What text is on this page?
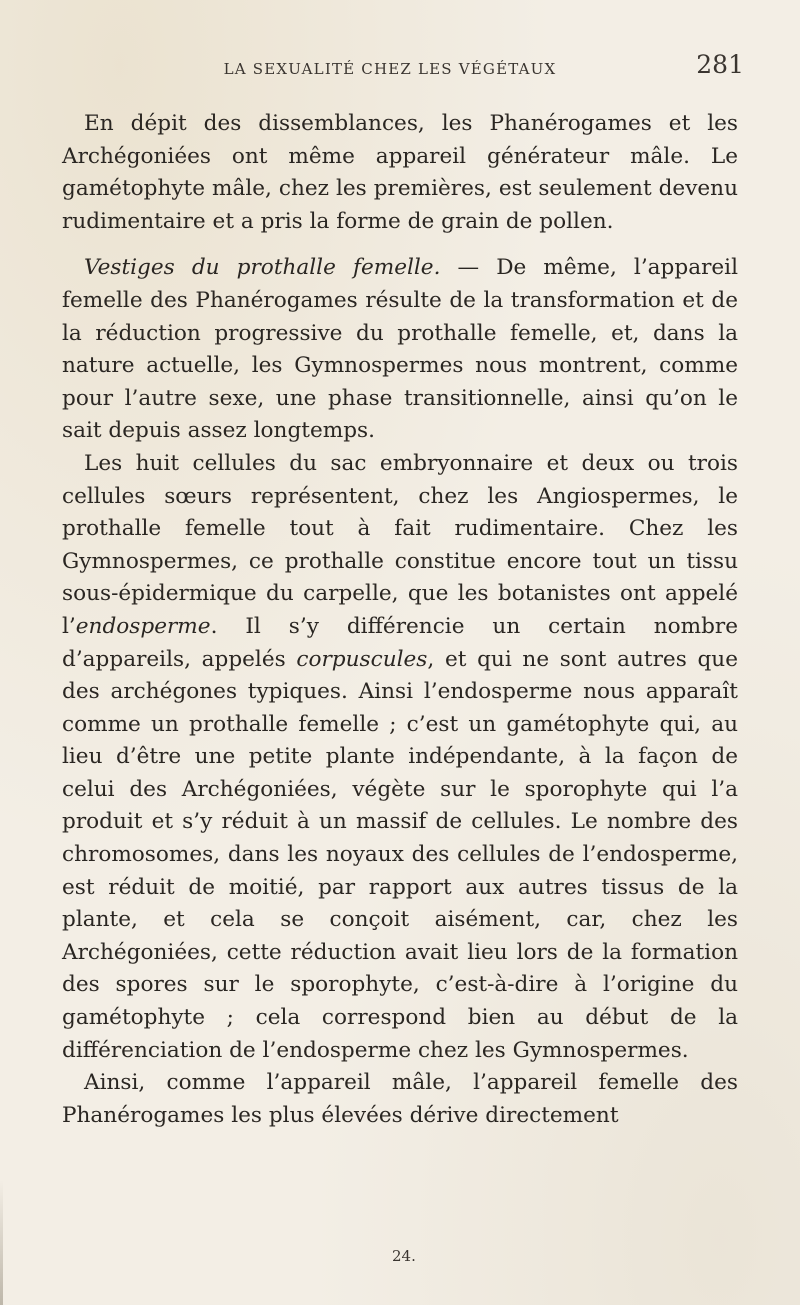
LA SEXUALITÉ CHEZ LES VÉGÉTAUX	281

En dépit des dissemblances, les Phanérogames et les Archégoniées ont même appareil générateur mâle. Le gamétophyte mâle, chez les premières, est seulement devenu rudimentaire et a pris la forme de grain de pollen.

Vestiges du prothalle femelle. — De même, l’appareil femelle des Phanérogames résulte de la transformation et de la réduction progressive du prothalle femelle, et, dans la nature actuelle, les Gymnospermes nous montrent, comme pour l’autre sexe, une phase transitionnelle, ainsi qu’on le sait depuis assez longtemps.

Les huit cellules du sac embryonnaire et deux ou trois cellules sœurs représentent, chez les Angiospermes, le prothalle femelle tout à fait rudimentaire. Chez les Gymnospermes, ce prothalle constitue encore tout un tissu sous-épidermique du carpelle, que les botanistes ont appelé l’endosperme. Il s’y différencie un certain nombre d’appareils, appelés corpuscules, et qui ne sont autres que des archégones typiques. Ainsi l’endosperme nous apparaît comme un prothalle femelle ; c’est un gamétophyte qui, au lieu d’être une petite plante indépendante, à la façon de celui des Archégoniées, végète sur le sporophyte qui l’a produit et s’y réduit à un massif de cellules. Le nombre des chromosomes, dans les noyaux des cellules de l’endosperme, est réduit de moitié, par rapport aux autres tissus de la plante, et cela se conçoit aisément, car, chez les Archégoniées, cette réduction avait lieu lors de la formation des spores sur le sporophyte, c’est-à-dire à l’origine du gamétophyte ; cela correspond bien au début de la différenciation de l’endosperme chez les Gymnospermes.

Ainsi, comme l’appareil mâle, l’appareil femelle des Phanérogames les plus élevées dérive directement

24.
